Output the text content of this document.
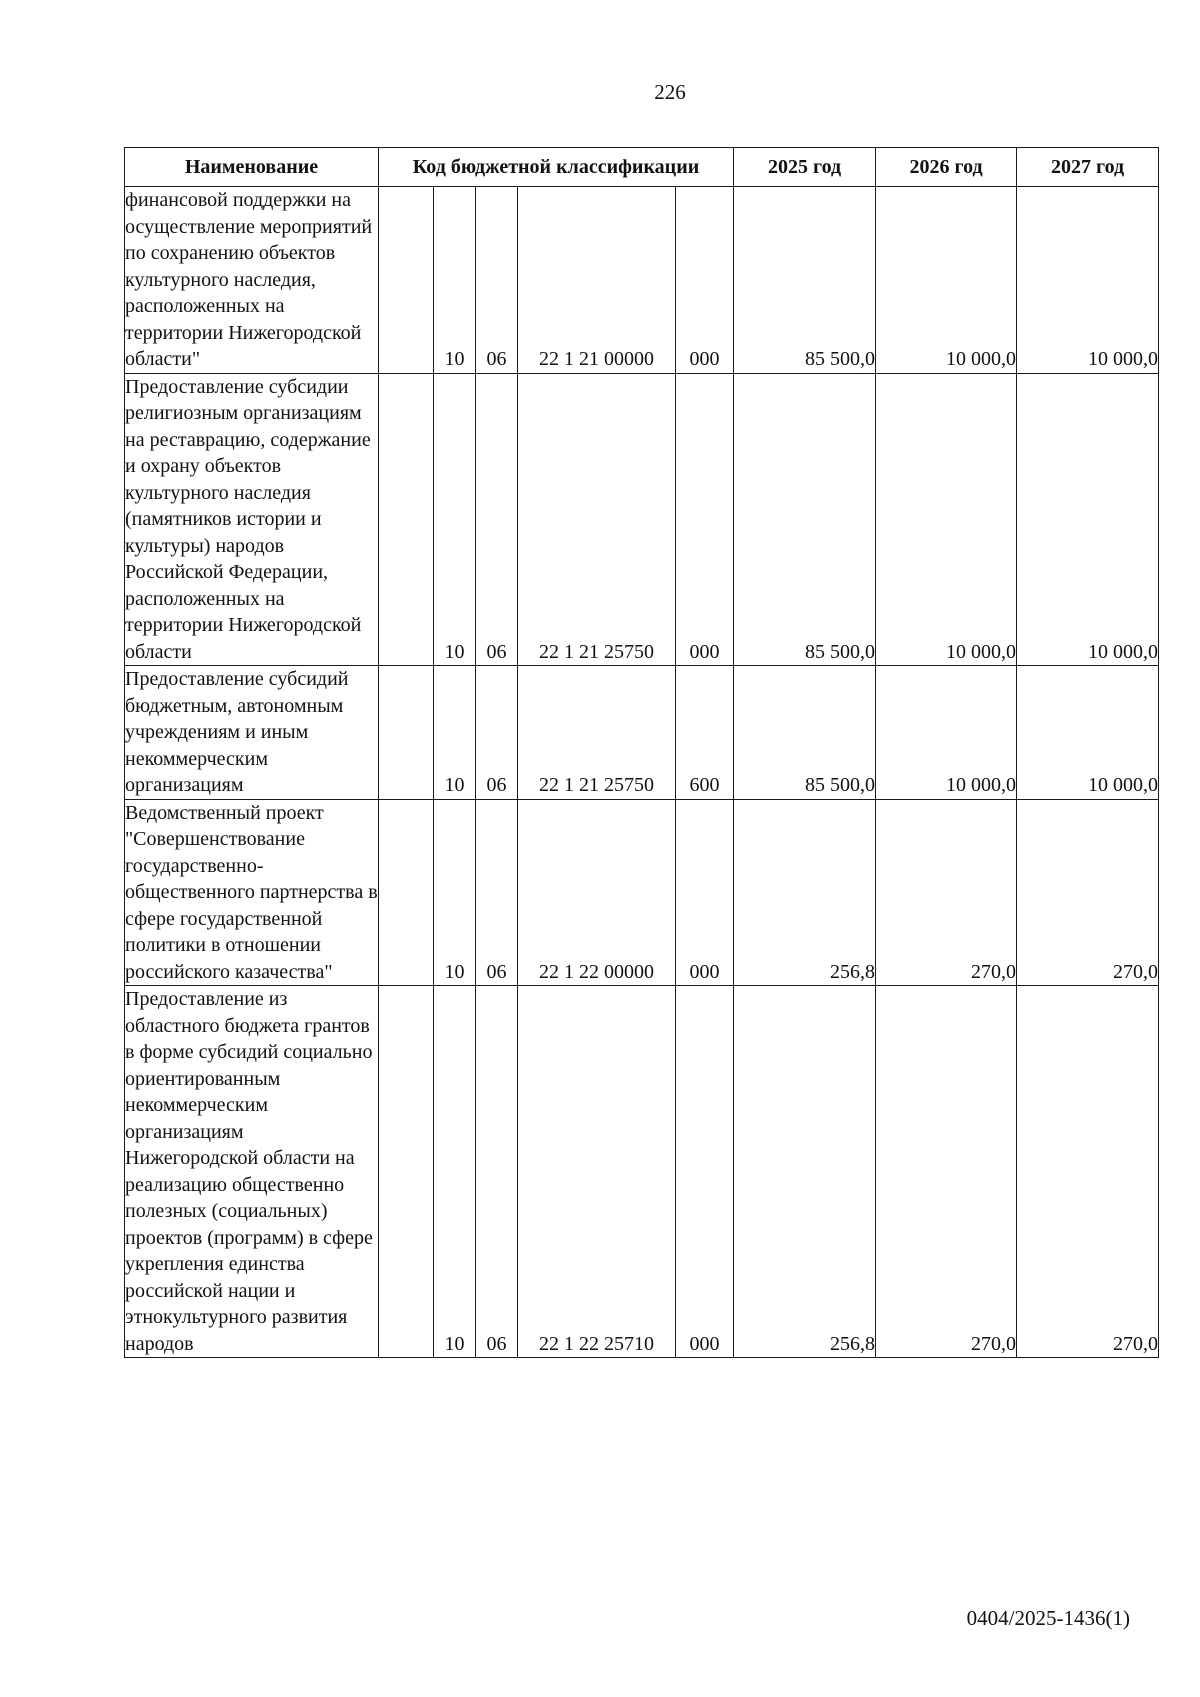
226
Наименование	Код бюджетной классификации					2025 год	2026 год	2027 год
финансовой поддержки на осуществление мероприятий по сохранению объектов культурного наследия, расположенных на территории Нижегородской области"		10	06	22 1 21 00000	000	85 500,0	10 000,0	10 000,0
Предоставление субсидии религиозным организациям на реставрацию, содержание и охрану объектов культурного наследия (памятников истории и культуры) народов Российской Федерации, расположенных на территории Нижегородской области		10	06	22 1 21 25750	000	85 500,0	10 000,0	10 000,0
Предоставление субсидий бюджетным, автономным учреждениям и иным некоммерческим организациям		10	06	22 1 21 25750	600	85 500,0	10 000,0	10 000,0
Ведомственный проект "Совершенствование государственно-общественного партнерства в сфере государственной политики в отношении российского казачества"		10	06	22 1 22 00000	000	256,8	270,0	270,0
Предоставление из областного бюджета грантов в форме субсидий социально ориентированным некоммерческим организациям Нижегородской области на реализацию общественно полезных (социальных) проектов (программ) в сфере укрепления единства российской нации и этнокультурного развития народов		10	06	22 1 22 25710	000	256,8	270,0	270,0
0404/2025-1436(1)
